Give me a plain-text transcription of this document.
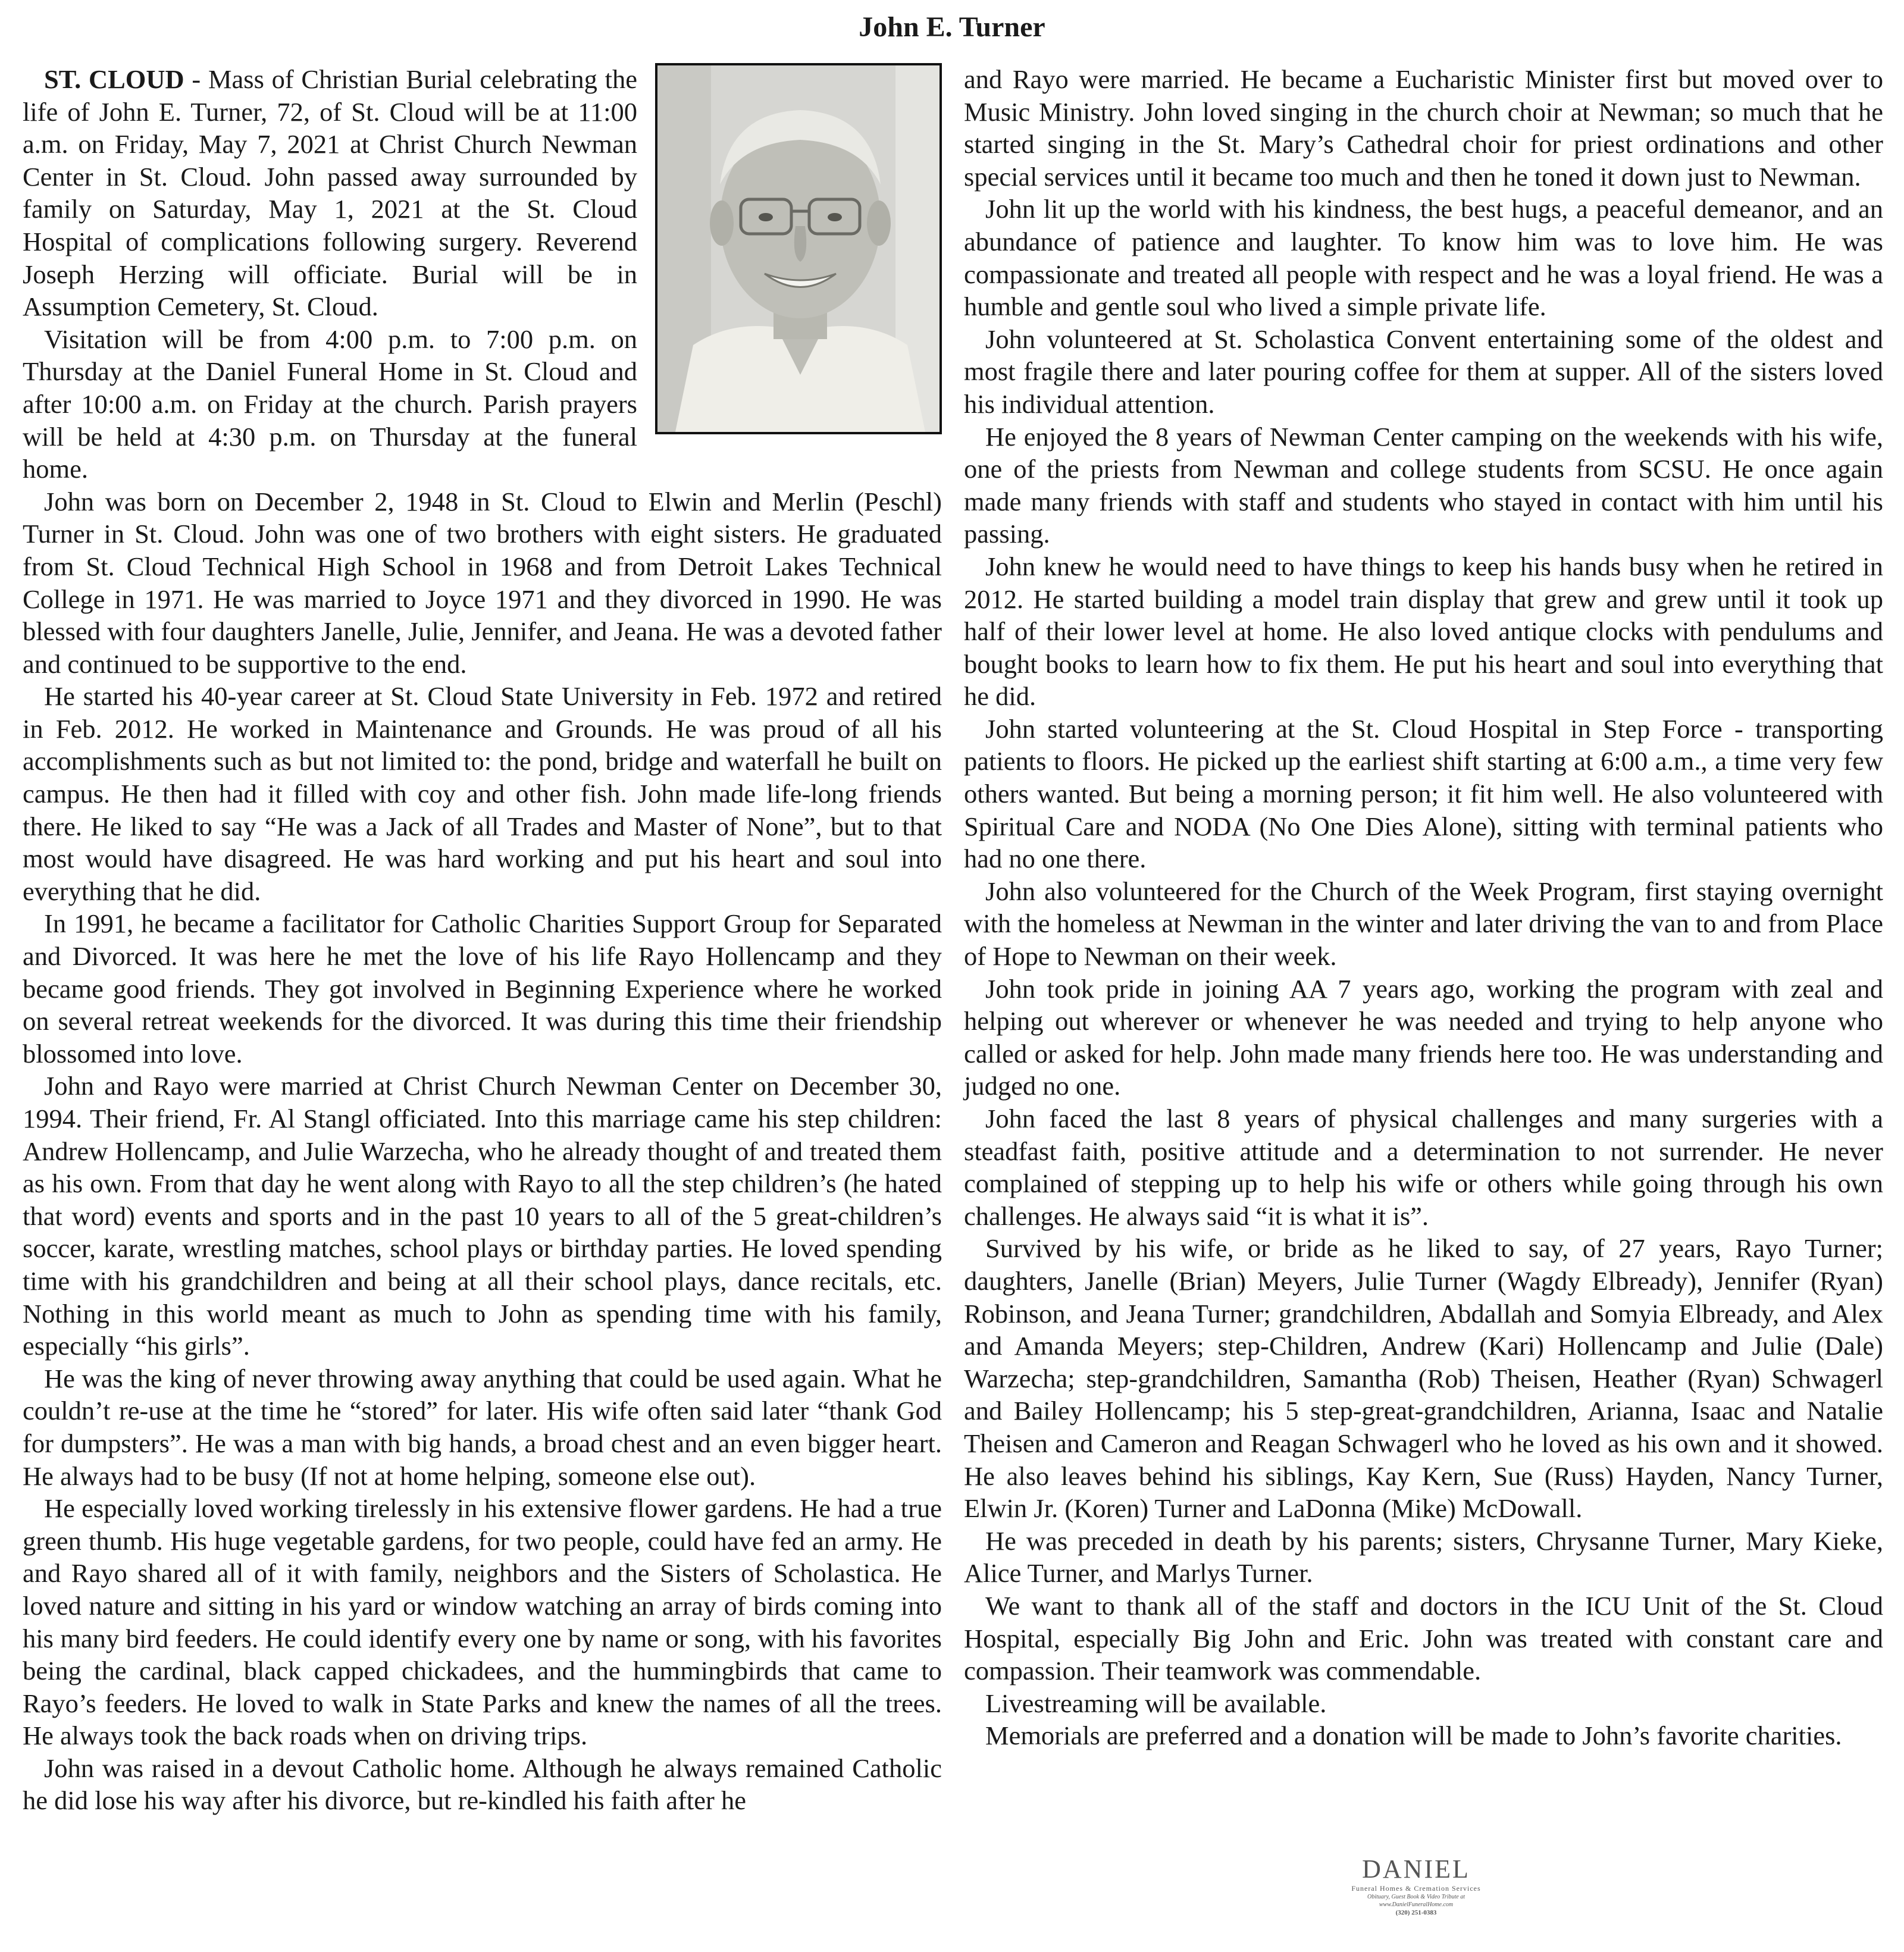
John E. Turner

ST. CLOUD - Mass of Christian Burial celebrating the life of John E. Turner, 72, of St. Cloud will be at 11:00 a.m. on Friday, May 7, 2021 at Christ Church Newman Center in St. Cloud. John passed away surrounded by family on Saturday, May 1, 2021 at the St. Cloud Hospital of complications following surgery. Reverend Joseph Herzing will officiate. Burial will be in Assumption Cemetery, St. Cloud.

Visitation will be from 4:00 p.m. to 7:00 p.m. on Thursday at the Daniel Funeral Home in St. Cloud and after 10:00 a.m. on Friday at the church. Parish prayers will be held at 4:30 p.m. on Thursday at the funeral home.

John was born on December 2, 1948 in St. Cloud to Elwin and Merlin (Peschl) Turner in St. Cloud. John was one of two brothers with eight sisters. He graduated from St. Cloud Technical High School in 1968 and from Detroit Lakes Technical College in 1971. He was married to Joyce 1971 and they divorced in 1990. He was blessed with four daughters Janelle, Julie, Jennifer, and Jeana. He was a devoted father and continued to be supportive to the end.

He started his 40-year career at St. Cloud State University in Feb. 1972 and retired in Feb. 2012. He worked in Maintenance and Grounds. He was proud of all his accomplishments such as but not limited to: the pond, bridge and waterfall he built on campus. He then had it filled with coy and other fish. John made life-long friends there. He liked to say “He was a Jack of all Trades and Master of None”, but to that most would have disagreed. He was hard working and put his heart and soul into everything that he did.

In 1991, he became a facilitator for Catholic Charities Support Group for Separated and Divorced. It was here he met the love of his life Rayo Hollencamp and they became good friends. They got involved in Beginning Experience where he worked on several retreat weekends for the divorced. It was during this time their friendship blossomed into love.

John and Rayo were married at Christ Church Newman Center on December 30, 1994. Their friend, Fr. Al Stangl officiated. Into this marriage came his step children: Andrew Hollencamp, and Julie Warzecha, who he already thought of and treated them as his own. From that day he went along with Rayo to all the step children’s (he hated that word) events and sports and in the past 10 years to all of the 5 great-children’s soccer, karate, wrestling matches, school plays or birthday parties. He loved spending time with his grandchildren and being at all their school plays, dance recitals, etc. Nothing in this world meant as much to John as spending time with his family, especially “his girls”.

He was the king of never throwing away anything that could be used again. What he couldn’t re-use at the time he “stored” for later. His wife often said later “thank God for dumpsters”. He was a man with big hands, a broad chest and an even bigger heart. He always had to be busy (If not at home helping, someone else out).

He especially loved working tirelessly in his extensive flower gardens. He had a true green thumb. His huge vegetable gardens, for two people, could have fed an army. He and Rayo shared all of it with family, neighbors and the Sisters of Scholastica. He loved nature and sitting in his yard or window watching an array of birds coming into his many bird feeders. He could identify every one by name or song, with his favorites being the cardinal, black capped chickadees, and the hummingbirds that came to Rayo’s feeders. He loved to walk in State Parks and knew the names of all the trees. He always took the back roads when on driving trips.

John was raised in a devout Catholic home. Although he always remained Catholic he did lose his way after his divorce, but re-kindled his faith after he

and Rayo were married. He became a Eucharistic Minister first but moved over to Music Ministry. John loved singing in the church choir at Newman; so much that he started singing in the St. Mary’s Cathedral choir for priest ordinations and other special services until it became too much and then he toned it down just to Newman.

John lit up the world with his kindness, the best hugs, a peaceful demeanor, and an abundance of patience and laughter. To know him was to love him. He was compassionate and treated all people with respect and he was a loyal friend. He was a humble and gentle soul who lived a simple private life.

John volunteered at St. Scholastica Convent entertaining some of the oldest and most fragile there and later pouring coffee for them at supper. All of the sisters loved his individual attention.

He enjoyed the 8 years of Newman Center camping on the weekends with his wife, one of the priests from Newman and college students from SCSU. He once again made many friends with staff and students who stayed in contact with him until his passing.

John knew he would need to have things to keep his hands busy when he retired in 2012. He started building a model train display that grew and grew until it took up half of their lower level at home. He also loved antique clocks with pendulums and bought books to learn how to fix them. He put his heart and soul into everything that he did.

John started volunteering at the St. Cloud Hospital in Step Force - transporting patients to floors. He picked up the earliest shift starting at 6:00 a.m., a time very few others wanted. But being a morning person; it fit him well. He also volunteered with Spiritual Care and NODA (No One Dies Alone), sitting with terminal patients who had no one there.

John also volunteered for the Church of the Week Program, first staying overnight with the homeless at Newman in the winter and later driving the van to and from Place of Hope to Newman on their week.

John took pride in joining AA 7 years ago, working the program with zeal and helping out wherever or whenever he was needed and trying to help anyone who called or asked for help. John made many friends here too. He was understanding and judged no one.

John faced the last 8 years of physical challenges and many surgeries with a steadfast faith, positive attitude and a determination to not surrender. He never complained of stepping up to help his wife or others while going through his own challenges. He always said “it is what it is”.

Survived by his wife, or bride as he liked to say, of 27 years, Rayo Turner; daughters, Janelle (Brian) Meyers, Julie Turner (Wagdy Elbready), Jennifer (Ryan) Robinson, and Jeana Turner; grandchildren, Abdallah and Somyia Elbready, and Alex and Amanda Meyers; step-Children, Andrew (Kari) Hollencamp and Julie (Dale) Warzecha; step-grandchildren, Samantha (Rob) Theisen, Heather (Ryan) Schwagerl and Bailey Hollencamp; his 5 step-great-grandchildren, Arianna, Isaac and Natalie Theisen and Cameron and Reagan Schwagerl who he loved as his own and it showed. He also leaves behind his siblings, Kay Kern, Sue (Russ) Hayden, Nancy Turner, Elwin Jr. (Koren) Turner and LaDonna (Mike) McDowall.

He was preceded in death by his parents; sisters, Chrysanne Turner, Mary Kieke, Alice Turner, and Marlys Turner.

We want to thank all of the staff and doctors in the ICU Unit of the St. Cloud Hospital, especially Big John and Eric. John was treated with constant care and compassion. Their teamwork was commendable.

Livestreaming will be available.

Memorials are preferred and a donation will be made to John’s favorite charities.

DANIEL
Funeral Homes & Cremation Services
Obituary, Guest Book & Video Tribute at
www.DanielFuneralHome.com
(320) 251-0383
